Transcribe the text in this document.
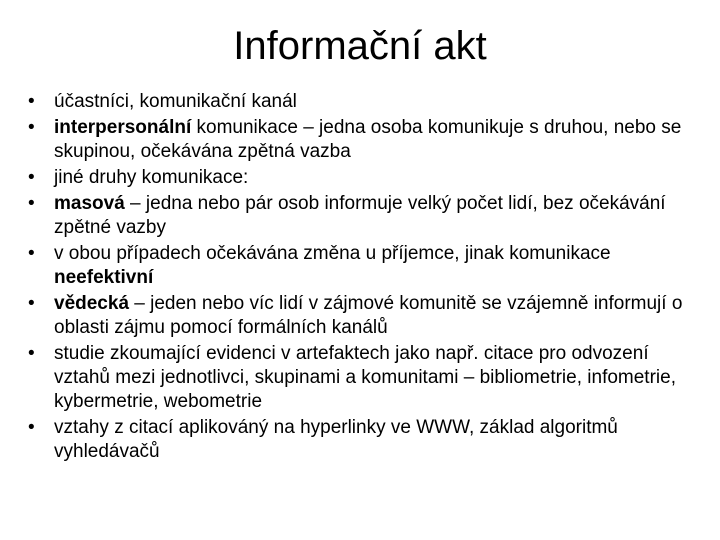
Informační akt
•	účastníci, komunikační kanál
•	interpersonální komunikace – jedna osoba komunikuje s druhou, nebo se skupinou, očekávána zpětná vazba
•	jiné druhy komunikace:
•	masová – jedna nebo pár osob informuje velký počet lidí, bez očekávání zpětné vazby
•	v obou případech očekávána změna u příjemce, jinak komunikace neefektivní
•	vědecká – jeden nebo víc lidí v zájmové komunitě se vzájemně informují o oblasti zájmu pomocí formálních kanálů
•	studie zkoumající evidenci v artefaktech jako např. citace pro odvození vztahů mezi jednotlivci, skupinami a komunitami – bibliometrie, infometrie, kybermetrie, webometrie
•	vztahy z citací aplikováný na hyperlinky ve WWW, základ algoritmů vyhledávačů
